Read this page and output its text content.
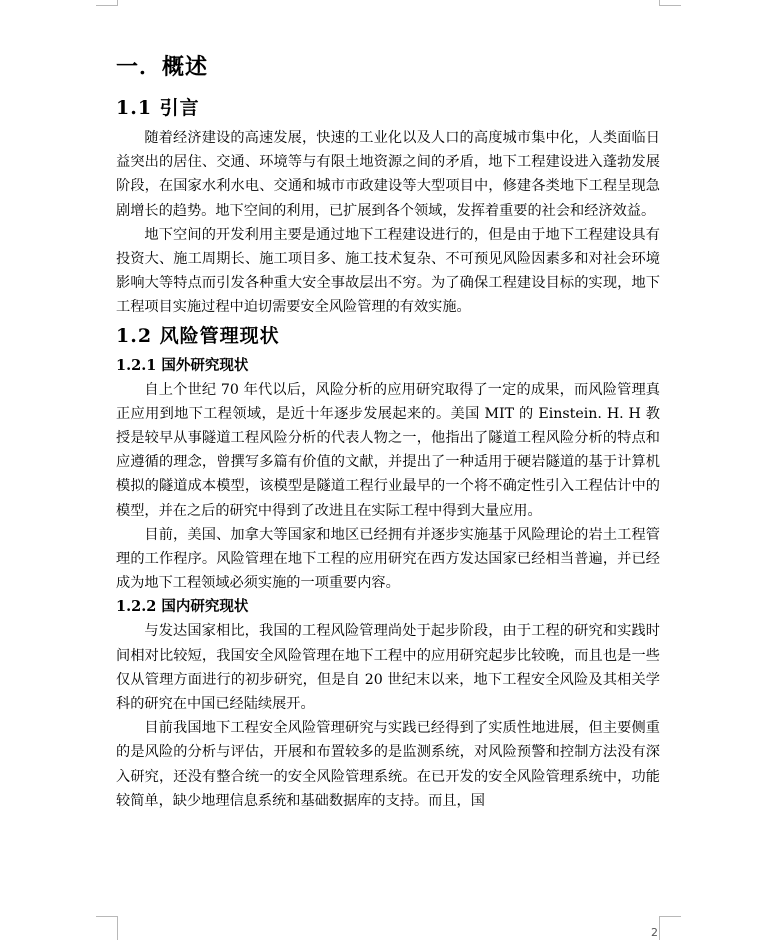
一．概述
1.1 引言

随着经济建设的高速发展，快速的工业化以及人口的高度城市集中化，人类面临日益突出的居住、交通、环境等与有限土地资源之间的矛盾，地下工程建设进入蓬勃发展阶段，在国家水利水电、交通和城市市政建设等大型项目中，修建各类地下工程呈现急剧增长的趋势。地下空间的利用，已扩展到各个领域，发挥着重要的社会和经济效益。

地下空间的开发利用主要是通过地下工程建设进行的，但是由于地下工程建设具有投资大、施工周期长、施工项目多、施工技术复杂、不可预见风险因素多和对社会环境影响大等特点而引发各种重大安全事故层出不穷。为了确保工程建设目标的实现，地下工程项目实施过程中迫切需要安全风险管理的有效实施。

1.2 风险管理现状
1.2.1 国外研究现状

自上个世纪 70 年代以后，风险分析的应用研究取得了一定的成果，而风险管理真正应用到地下工程领域，是近十年逐步发展起来的。美国 MIT 的 Einstein. H. H 教授是较早从事隧道工程风险分析的代表人物之一，他指出了隧道工程风险分析的特点和应遵循的理念，曾撰写多篇有价值的文献，并提出了一种适用于硬岩隧道的基于计算机模拟的隧道成本模型，该模型是隧道工程行业最早的一个将不确定性引入工程估计中的模型，并在之后的研究中得到了改进且在实际工程中得到大量应用。

目前，美国、加拿大等国家和地区已经拥有并逐步实施基于风险理论的岩土工程管理的工作程序。风险管理在地下工程的应用研究在西方发达国家已经相当普遍，并已经成为地下工程领域必须实施的一项重要内容。

1.2.2 国内研究现状

与发达国家相比，我国的工程风险管理尚处于起步阶段，由于工程的研究和实践时间相对比较短，我国安全风险管理在地下工程中的应用研究起步比较晚，而且也是一些仅从管理方面进行的初步研究，但是自 20 世纪末以来，地下工程安全风险及其相关学科的研究在中国已经陆续展开。

目前我国地下工程安全风险管理研究与实践已经得到了实质性地进展，但主要侧重的是风险的分析与评估，开展和布置较多的是监测系统，对风险预警和控制方法没有深入研究，还没有整合统一的安全风险管理系统。在已开发的安全风险管理系统中，功能较简单，缺少地理信息系统和基础数据库的支持。而且，国

2
